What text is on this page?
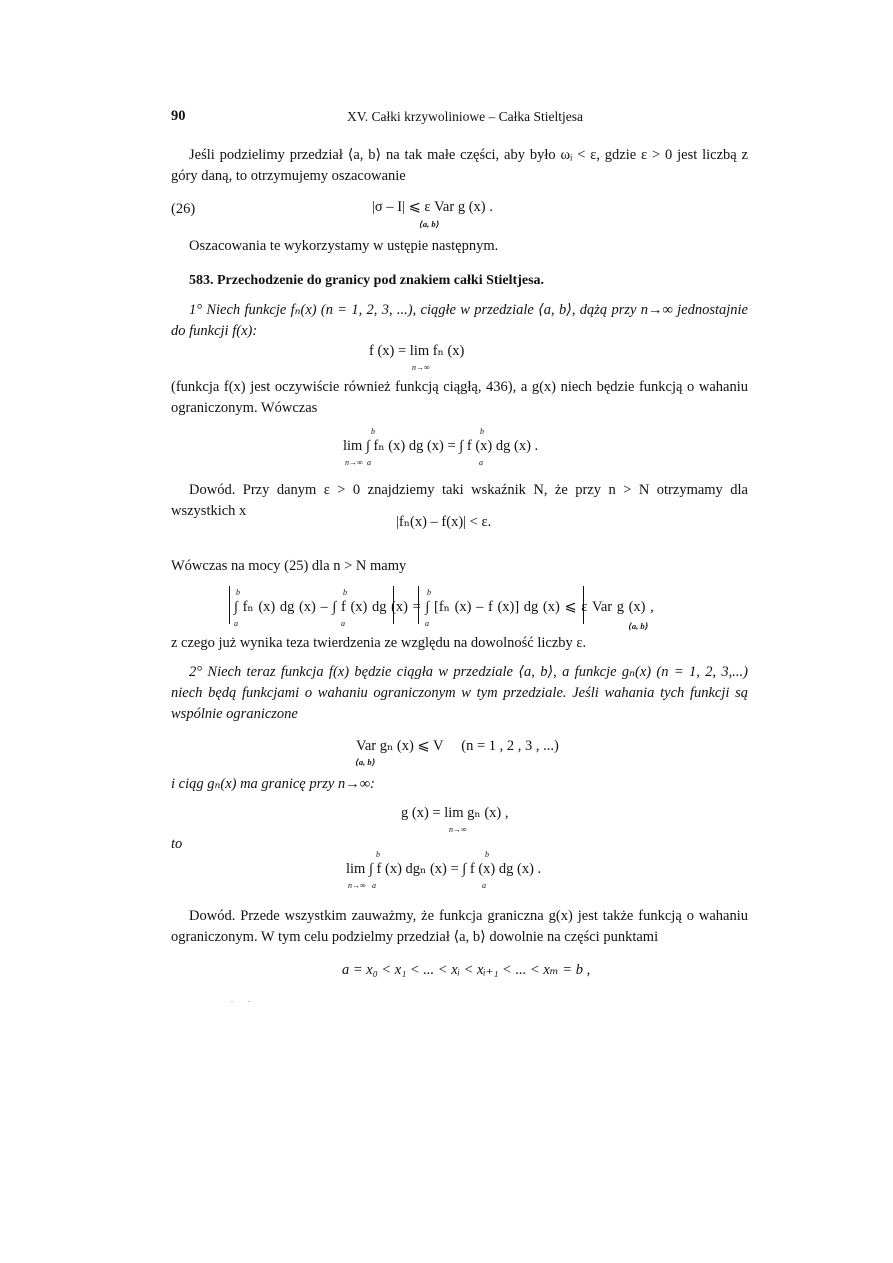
90	XV. Całki krzywoliniowe – Całka Stieltjesa
Jeśli podzielimy przedział ⟨a, b⟩ na tak małe części, aby było ωᵢ < ε, gdzie ε > 0 jest liczbą z góry daną, to otrzymujemy oszacowanie
(26)	|σ – I| ⩽ ε Var g (x) .
⟨a, b⟩
Oszacowania te wykorzystamy w ustępie następnym.
583. Przechodzenie do granicy pod znakiem całki Stieltjesa.
1° Niech funkcje fₙ(x) (n = 1, 2, 3, ...), ciągłe w przedziale ⟨a, b⟩, dążą przy n→∞ jednostajnie do funkcji f(x):
f (x) = lim fₙ (x)
n→∞
(funkcja f(x) jest oczywiście również funkcją ciągłą, 436), a g(x) niech będzie funkcją o wahaniu ograniczonym. Wówczas
b	b
lim ∫ fₙ (x) dg (x) = ∫ f (x) dg (x) .
n→∞ a	a
Dowód. Przy danym ε > 0 znajdziemy taki wskaźnik N, że przy n > N otrzymamy dla wszystkich x
|fₙ(x) – f(x)| < ε.
Wówczas na mocy (25) dla n > N mamy
b	b	b
∫ fₙ (x) dg (x) – ∫ f (x) dg (x) = ∫ [fₙ (x) – f (x)] dg (x) ⩽ ε Var g (x) ,
a	a	a	⟨a, b⟩
z czego już wynika teza twierdzenia ze względu na dowolność liczby ε.
2° Niech teraz funkcja f(x) będzie ciągła w przedziale ⟨a, b⟩, a funkcje gₙ(x) (n = 1, 2, 3,...) niech będą funkcjami o wahaniu ograniczonym w tym przedziale. Jeśli wahania tych funkcji są wspólnie ograniczone
Var gₙ (x) ⩽ V     (n = 1 , 2 , 3 , ...)
⟨a, b⟩
i ciąg gₙ(x) ma granicę przy n→∞:
g (x) = lim gₙ (x) ,
n→∞
to
b	b
lim ∫ f (x) dgₙ (x) = ∫ f (x) dg (x) .
n→∞ a	a
Dowód. Przede wszystkim zauważmy, że funkcja graniczna g(x) jest także funkcją o wahaniu ograniczonym. W tym celu podzielmy przedział ⟨a, b⟩ dowolnie na części punktami
a = x₀ < x₁ < ... < xᵢ < xᵢ₊₁ < ... < xₘ = b ,
